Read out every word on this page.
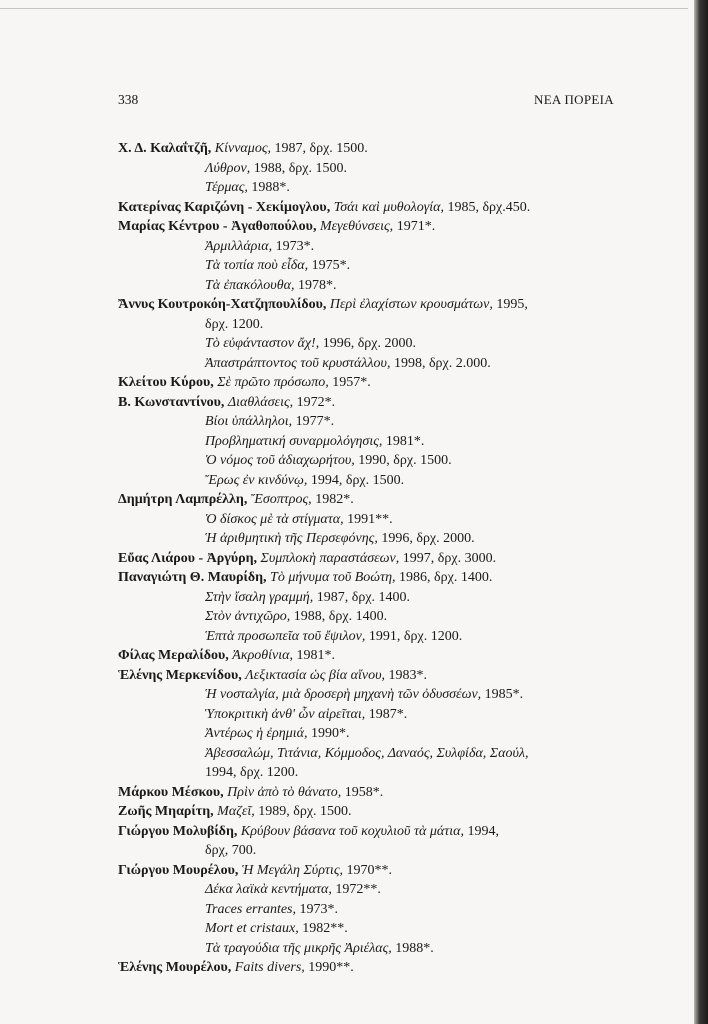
338	ΝΕΑ ΠΟΡΕΙΑ
Χ. Δ. Καλαΐτζῆ, Κίνναμος, 1987, δρχ. 1500.
Λύθρον, 1988, δρχ. 1500.
Τέρμας, 1988*.
Κατερίνας Καριζώνη - Χεκίμογλου, Τσάι καὶ μυθολογία, 1985, δρχ.450.
Μαρίας Κέντρου - Ἀγαθοπούλου, Μεγεθύνσεις, 1971*.
Ἀρμιλλάρια, 1973*.
Τὰ τοπία ποὺ εἶδα, 1975*.
Τὰ ἐπακόλουθα, 1978*.
Ἄννυς Κουτροκόη-Χατζηπουλίδου, Περὶ ἐλαχίστων κρουσμάτων, 1995,
δρχ. 1200.
Τὸ εὐφάνταστον ἄχ!, 1996, δρχ. 2000.
Ἀπαστράπτοντος τοῦ κρυστάλλου, 1998, δρχ. 2.000.
Κλείτου Κύρου, Σὲ πρῶτο πρόσωπο, 1957*.
Β. Κωνσταντίνου, Διαθλάσεις, 1972*.
Βίοι ὑπάλληλοι, 1977*.
Προβληματική συναρμολόγησις, 1981*.
Ὁ νόμος τοῦ ἀδιαχωρήτου, 1990, δρχ. 1500.
Ἔρως ἐν κινδύνῳ, 1994, δρχ. 1500.
Δημήτρη Λαμπρέλλη, Ἔσοπτρος, 1982*.
Ὁ δίσκος μὲ τὰ στίγματα, 1991**.
Ἡ ἀριθμητικὴ τῆς Περσεφόνης, 1996, δρχ. 2000.
Εὔας Λιάρου - Ἀργύρη, Συμπλοκὴ παραστάσεων, 1997, δρχ. 3000.
Παναγιώτη Θ. Μαυρίδη, Τὸ μήνυμα τοῦ Βοώτη, 1986, δρχ. 1400.
Στὴν ἴσαλη γραμμή, 1987, δρχ. 1400.
Στὸν ἀντιχῶρο, 1988, δρχ. 1400.
Ἑπτὰ προσωπεῖα τοῦ ἔψιλον, 1991, δρχ. 1200.
Φίλας Μεραλίδου, Ἀκροθίνια, 1981*.
Ἑλένης Μερκενίδου, Λεξικτασία ὡς βία αἴνου, 1983*.
Ἡ νοσταλγία, μιὰ δροσερὴ μηχανὴ τῶν ὀδυσσέων, 1985*.
Ὑποκριτικὴ ἀνθ' ὧν αἱρεῖται, 1987*.
Ἀντέρως ἡ ἐρημιά, 1990*.
Ἀβεσσαλώμ, Τιτάνια, Κόμμοδος, Δαναός, Συλφίδα, Σαούλ,
1994, δρχ. 1200.
Μάρκου Μέσκου, Πρὶν ἀπὸ τὸ θάνατο, 1958*.
Ζωῆς Μηαρίτη, Μαζεῖ, 1989, δρχ. 1500.
Γιώργου Μολυβίδη, Κρύβουν βάσανα τοῦ κοχυλιοῦ τὰ μάτια, 1994,
δρχ, 700.
Γιώργου Μουρέλου, Ἡ Μεγάλη Σύρτις, 1970**.
Δέκα λαϊκὰ κεντήματα, 1972**.
Traces errantes, 1973*.
Mort et cristaux, 1982**.
Τὰ τραγούδια τῆς μικρῆς Ἀριέλας, 1988*.
Ἑλένης Μουρέλου, Faits divers, 1990**.
